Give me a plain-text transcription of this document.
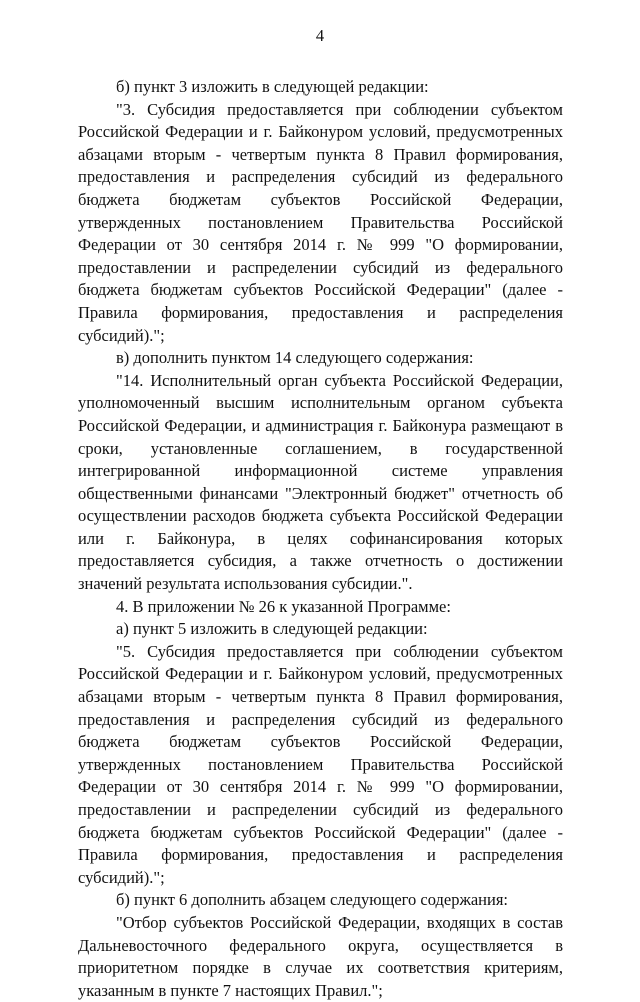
4

б) пункт 3 изложить в следующей редакции:

"3. Субсидия предоставляется при соблюдении субъектом Российской Федерации и г. Байконуром условий, предусмотренных абзацами вторым - четвертым пункта 8 Правил формирования, предоставления и распределения субсидий из федерального бюджета бюджетам субъектов Российской Федерации, утвержденных постановлением Правительства Российской Федерации от 30 сентября 2014 г. № 999 "О формировании, предоставлении и распределении субсидий из федерального бюджета бюджетам субъектов Российской Федерации" (далее - Правила формирования, предоставления и распределения субсидий).";

в) дополнить пунктом 14 следующего содержания:

"14. Исполнительный орган субъекта Российской Федерации, уполномоченный высшим исполнительным органом субъекта Российской Федерации, и администрация г. Байконура размещают в сроки, установленные соглашением, в государственной интегрированной информационной системе управления общественными финансами "Электронный бюджет" отчетность об осуществлении расходов бюджета субъекта Российской Федерации или г. Байконура, в целях софинансирования которых предоставляется субсидия, а также отчетность о достижении значений результата использования субсидии.".

4. В приложении № 26 к указанной Программе:

а) пункт 5 изложить в следующей редакции:

"5. Субсидия предоставляется при соблюдении субъектом Российской Федерации и г. Байконуром условий, предусмотренных абзацами вторым - четвертым пункта 8 Правил формирования, предоставления и распределения субсидий из федерального бюджета бюджетам субъектов Российской Федерации, утвержденных постановлением Правительства Российской Федерации от 30 сентября 2014 г. № 999 "О формировании, предоставлении и распределении субсидий из федерального бюджета бюджетам субъектов Российской Федерации" (далее - Правила формирования, предоставления и распределения субсидий).";

б) пункт 6 дополнить абзацем следующего содержания:

"Отбор субъектов Российской Федерации, входящих в состав Дальневосточного федерального округа, осуществляется в приоритетном порядке в случае их соответствия критериям, указанным в пункте 7 настоящих Правил.";
